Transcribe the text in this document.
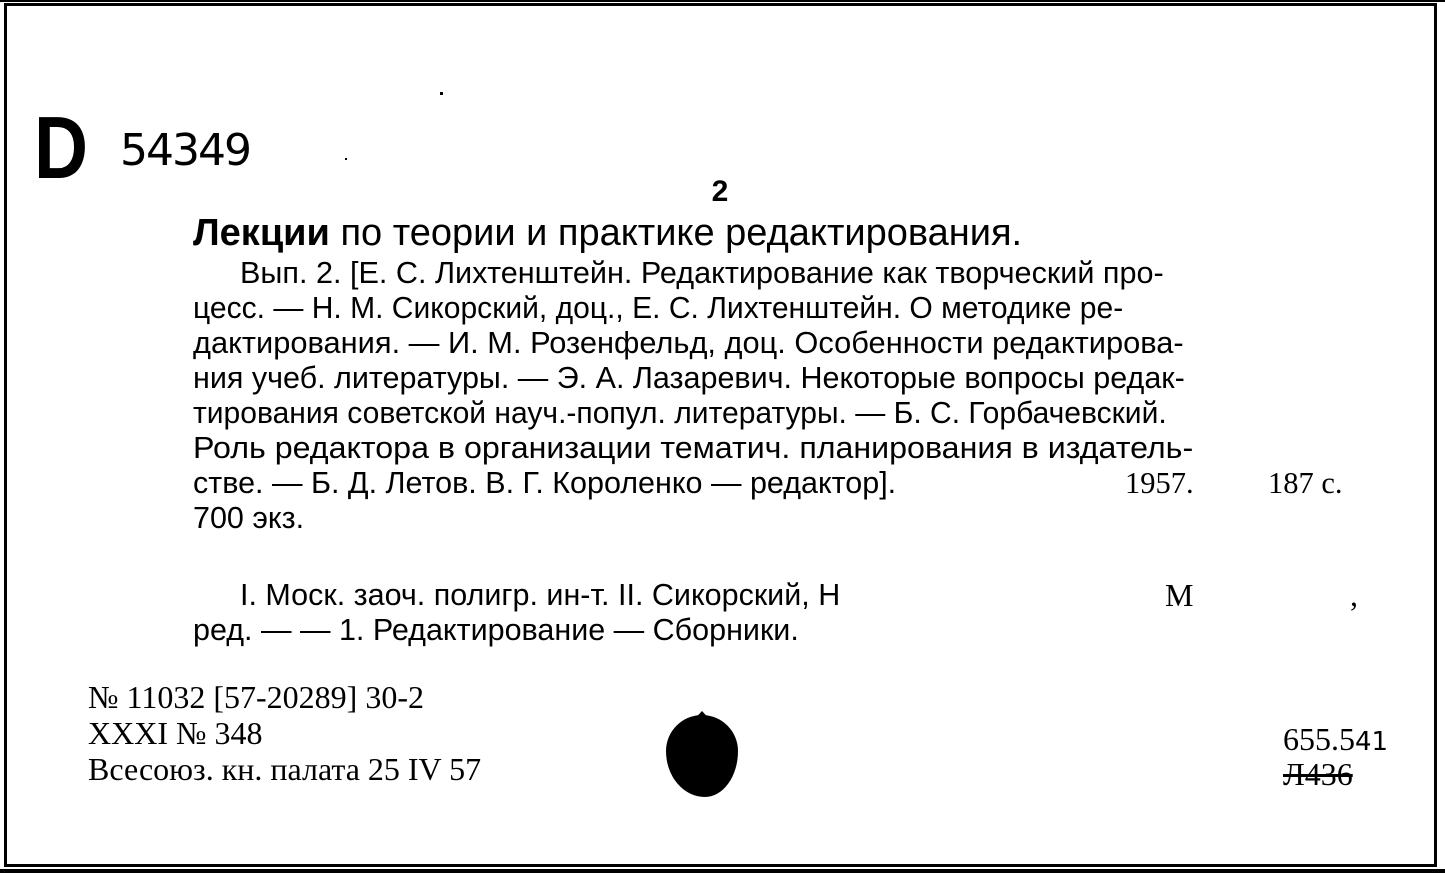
D 54349
2
Лекции по теории и практике редактирования.
Вып. 2. [Е. С. Лихтенштейн. Редактирование как творческий про-
цесс. — Н. М. Сикорский, доц., Е. С. Лихтенштейн. О методике ре-
дактирования. — И. М. Розенфельд, доц. Особенности редактирова-
ния учеб. литературы. — Э. А. Лазаревич. Некоторые вопросы редак-
тирования советской науч.-попул. литературы. — Б. С. Горбачевский.
Роль редактора в организации тематич. планирования в издатель-
стве. — Б. Д. Летов. В. Г. Короленко — редактор].	1957. 187 с.
700 экз.
I. Моск. заоч. полигр. ин-т. II. Сикорский, Н	М	,
ред. — — 1. Редактирование — Сборники.
№ 11032 [57-20289] 30-2
XXXI № 348
Всесоюз. кн. палата 25 IV 57
655.541
Л436
